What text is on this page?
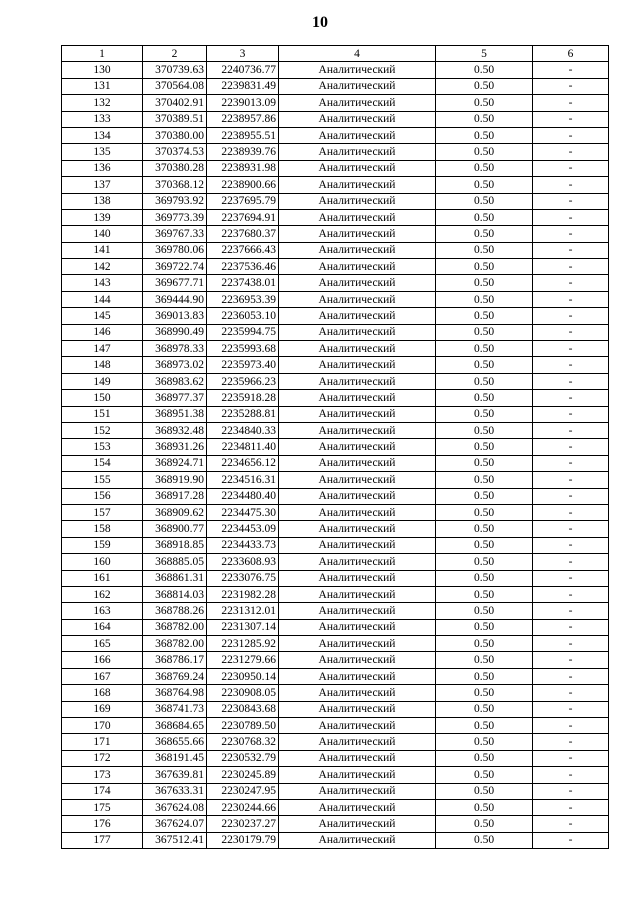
10
1	2	3	4	5	6
130	370739.63	2240736.77	Аналитический	0.50	-
131	370564.08	2239831.49	Аналитический	0.50	-
132	370402.91	2239013.09	Аналитический	0.50	-
133	370389.51	2238957.86	Аналитический	0.50	-
134	370380.00	2238955.51	Аналитический	0.50	-
135	370374.53	2238939.76	Аналитический	0.50	-
136	370380.28	2238931.98	Аналитический	0.50	-
137	370368.12	2238900.66	Аналитический	0.50	-
138	369793.92	2237695.79	Аналитический	0.50	-
139	369773.39	2237694.91	Аналитический	0.50	-
140	369767.33	2237680.37	Аналитический	0.50	-
141	369780.06	2237666.43	Аналитический	0.50	-
142	369722.74	2237536.46	Аналитический	0.50	-
143	369677.71	2237438.01	Аналитический	0.50	-
144	369444.90	2236953.39	Аналитический	0.50	-
145	369013.83	2236053.10	Аналитический	0.50	-
146	368990.49	2235994.75	Аналитический	0.50	-
147	368978.33	2235993.68	Аналитический	0.50	-
148	368973.02	2235973.40	Аналитический	0.50	-
149	368983.62	2235966.23	Аналитический	0.50	-
150	368977.37	2235918.28	Аналитический	0.50	-
151	368951.38	2235288.81	Аналитический	0.50	-
152	368932.48	2234840.33	Аналитический	0.50	-
153	368931.26	2234811.40	Аналитический	0.50	-
154	368924.71	2234656.12	Аналитический	0.50	-
155	368919.90	2234516.31	Аналитический	0.50	-
156	368917.28	2234480.40	Аналитический	0.50	-
157	368909.62	2234475.30	Аналитический	0.50	-
158	368900.77	2234453.09	Аналитический	0.50	-
159	368918.85	2234433.73	Аналитический	0.50	-
160	368885.05	2233608.93	Аналитический	0.50	-
161	368861.31	2233076.75	Аналитический	0.50	-
162	368814.03	2231982.28	Аналитический	0.50	-
163	368788.26	2231312.01	Аналитический	0.50	-
164	368782.00	2231307.14	Аналитический	0.50	-
165	368782.00	2231285.92	Аналитический	0.50	-
166	368786.17	2231279.66	Аналитический	0.50	-
167	368769.24	2230950.14	Аналитический	0.50	-
168	368764.98	2230908.05	Аналитический	0.50	-
169	368741.73	2230843.68	Аналитический	0.50	-
170	368684.65	2230789.50	Аналитический	0.50	-
171	368655.66	2230768.32	Аналитический	0.50	-
172	368191.45	2230532.79	Аналитический	0.50	-
173	367639.81	2230245.89	Аналитический	0.50	-
174	367633.31	2230247.95	Аналитический	0.50	-
175	367624.08	2230244.66	Аналитический	0.50	-
176	367624.07	2230237.27	Аналитический	0.50	-
177	367512.41	2230179.79	Аналитический	0.50	-
